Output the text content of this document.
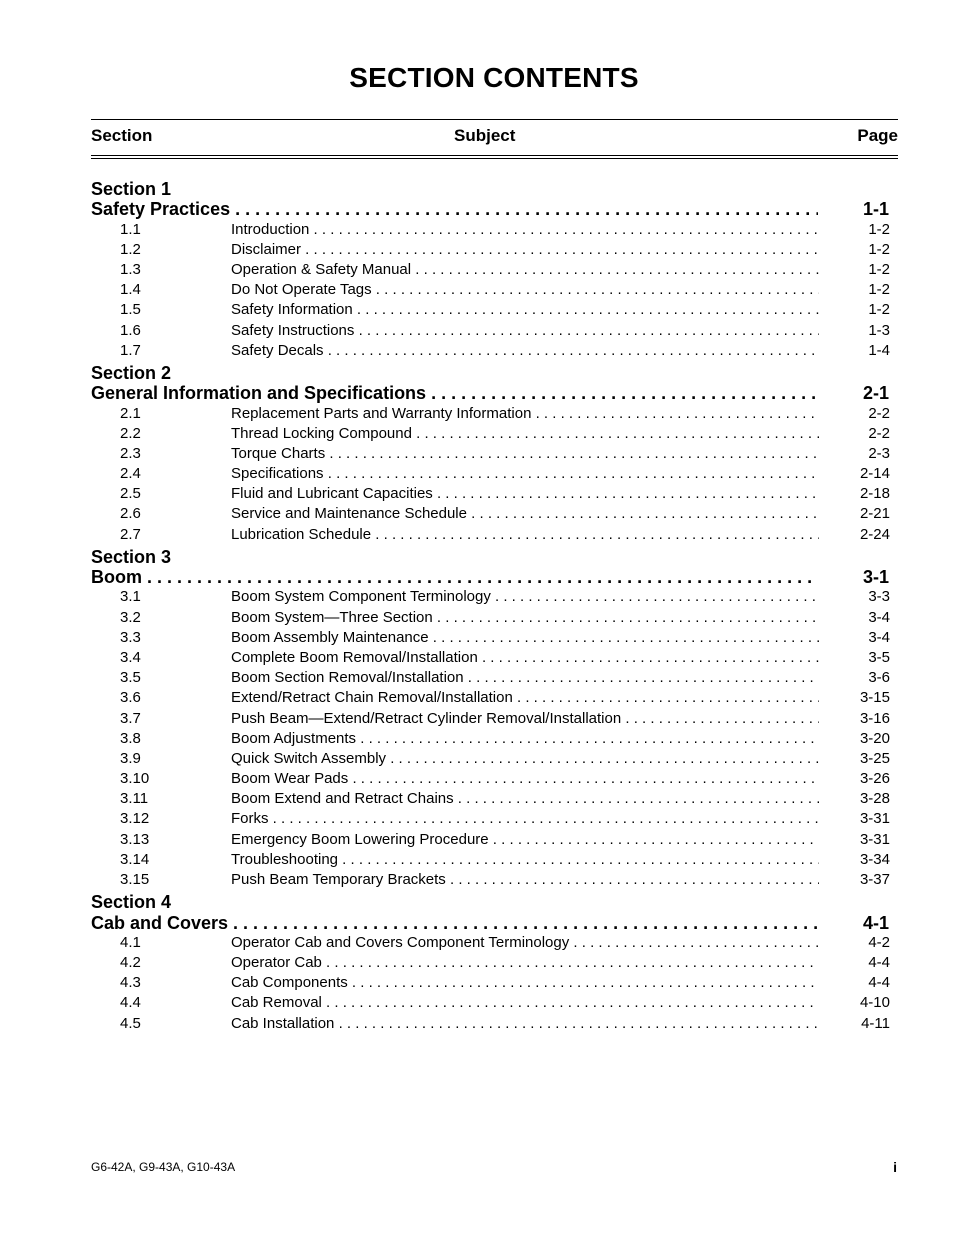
SECTION CONTENTS
Section	Subject	Page
Section 1
Safety Practices . . .	1-1
1.1	Introduction . . .	1-2
1.2	Disclaimer . . .	1-2
1.3	Operation & Safety Manual . . .	1-2
1.4	Do Not Operate Tags . . .	1-2
1.5	Safety Information . . .	1-2
1.6	Safety Instructions . . .	1-3
1.7	Safety Decals . . .	1-4
Section 2
General Information and Specifications . . .	2-1
2.1	Replacement Parts and Warranty Information . . .	2-2
2.2	Thread Locking Compound . . .	2-2
2.3	Torque Charts . . .	2-3
2.4	Specifications . . .	2-14
2.5	Fluid and Lubricant Capacities . . .	2-18
2.6	Service and Maintenance Schedule . . .	2-21
2.7	Lubrication Schedule . . .	2-24
Section 3
Boom . . .	3-1
3.1	Boom System Component Terminology . . .	3-3
3.2	Boom System—Three Section . . .	3-4
3.3	Boom Assembly Maintenance . . .	3-4
3.4	Complete Boom Removal/Installation . . .	3-5
3.5	Boom Section Removal/Installation . . .	3-6
3.6	Extend/Retract Chain Removal/Installation . . .	3-15
3.7	Push Beam—Extend/Retract Cylinder Removal/Installation . . .	3-16
3.8	Boom Adjustments . . .	3-20
3.9	Quick Switch Assembly . . .	3-25
3.10	Boom Wear Pads . . .	3-26
3.11	Boom Extend and Retract Chains . . .	3-28
3.12	Forks . . .	3-31
3.13	Emergency Boom Lowering Procedure . . .	3-31
3.14	Troubleshooting . . .	3-34
3.15	Push Beam Temporary Brackets . . .	3-37
Section 4
Cab and Covers . . .	4-1
4.1	Operator Cab and Covers Component Terminology . . .	4-2
4.2	Operator Cab . . .	4-4
4.3	Cab Components . . .	4-4
4.4	Cab Removal . . .	4-10
4.5	Cab Installation . . .	4-11
G6-42A, G9-43A, G10-43A	i
